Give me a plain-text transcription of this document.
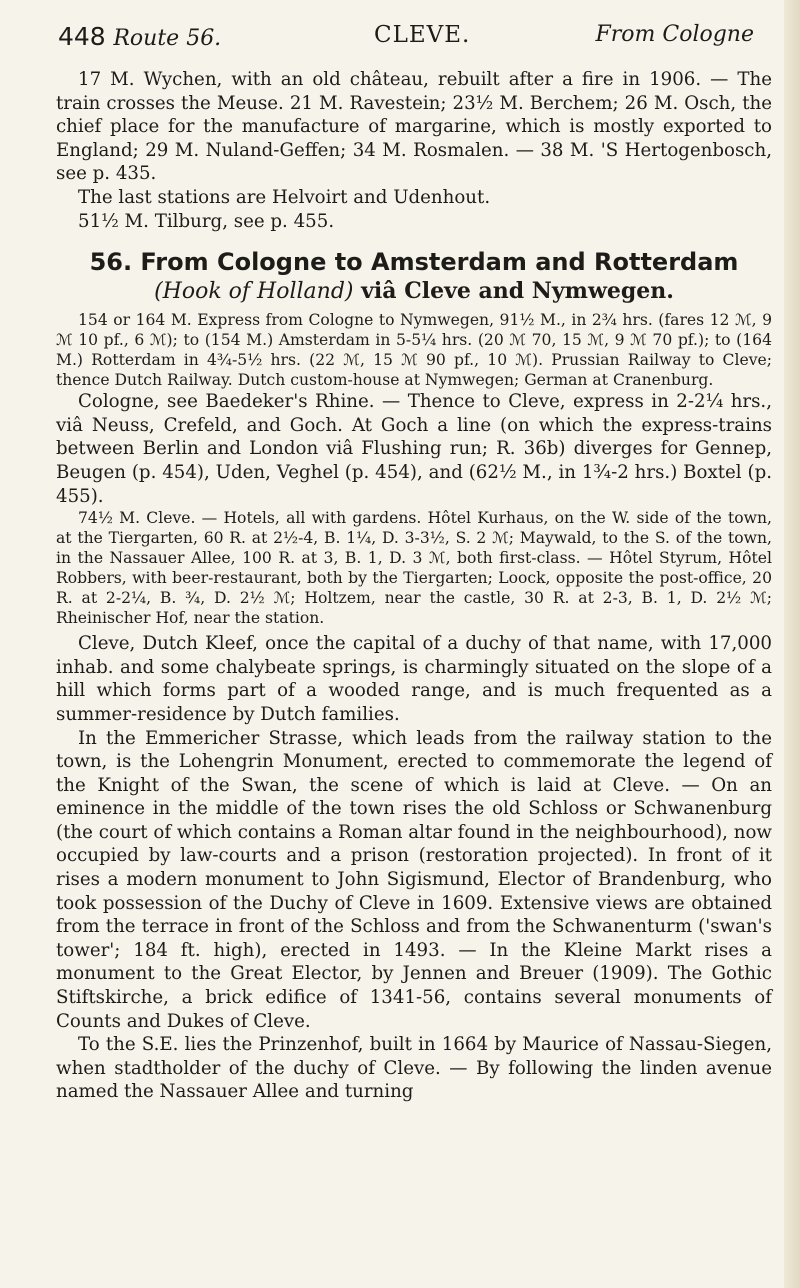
448 Route 56.	CLEVE.	From Cologne

17 M. Wychen, with an old château, rebuilt after a fire in 1906. — The train crosses the Meuse. 21 M. Ravestein; 23½ M. Berchem; 26 M. Osch, the chief place for the manufacture of margarine, which is mostly exported to England; 29 M. Nuland-Geffen; 34 M. Rosmalen. — 38 M. 'S Hertogenbosch, see p. 435.

The last stations are Helvoirt and Udenhout.

51½ M. Tilburg, see p. 455.

56. From Cologne to Amsterdam and Rotterdam
(Hook of Holland) viâ Cleve and Nymwegen.

154 or 164 M. Express from Cologne to Nymwegen, 91½ M., in 2¾ hrs. (fares 12 ℳ, 9 ℳ 10 pf., 6 ℳ); to (154 M.) Amsterdam in 5-5¼ hrs. (20 ℳ 70, 15 ℳ, 9 ℳ 70 pf.); to (164 M.) Rotterdam in 4¾-5½ hrs. (22 ℳ, 15 ℳ 90 pf., 10 ℳ). Prussian Railway to Cleve; thence Dutch Railway. Dutch custom-house at Nymwegen; German at Cranenburg.

Cologne, see Baedeker's Rhine. — Thence to Cleve, express in 2-2¼ hrs., viâ Neuss, Crefeld, and Goch. At Goch a line (on which the express-trains between Berlin and London viâ Flushing run; R. 36b) diverges for Gennep, Beugen (p. 454), Uden, Veghel (p. 454), and (62½ M., in 1¾-2 hrs.) Boxtel (p. 455).

74½ M. Cleve. — Hotels, all with gardens. Hôtel Kurhaus, on the W. side of the town, at the Tiergarten, 60 R. at 2½-4, B. 1¼, D. 3-3½, S. 2 ℳ; Maywald, to the S. of the town, in the Nassauer Allee, 100 R. at 3, B. 1, D. 3 ℳ, both first-class. — Hôtel Styrum, Hôtel Robbers, with beer-restaurant, both by the Tiergarten; Loock, opposite the post-office, 20 R. at 2-2¼, B. ¾, D. 2½ ℳ; Holtzem, near the castle, 30 R. at 2-3, B. 1, D. 2½ ℳ; Rheinischer Hof, near the station.

Cleve, Dutch Kleef, once the capital of a duchy of that name, with 17,000 inhab. and some chalybeate springs, is charmingly situated on the slope of a hill which forms part of a wooded range, and is much frequented as a summer-residence by Dutch families.

In the Emmericher Strasse, which leads from the railway station to the town, is the Lohengrin Monument, erected to commemorate the legend of the Knight of the Swan, the scene of which is laid at Cleve. — On an eminence in the middle of the town rises the old Schloss or Schwanenburg (the court of which contains a Roman altar found in the neighbourhood), now occupied by law-courts and a prison (restoration projected). In front of it rises a modern monument to John Sigismund, Elector of Brandenburg, who took possession of the Duchy of Cleve in 1609. Extensive views are obtained from the terrace in front of the Schloss and from the Schwanenturm ('swan's tower'; 184 ft. high), erected in 1493. — In the Kleine Markt rises a monument to the Great Elector, by Jennen and Breuer (1909). The Gothic Stiftskirche, a brick edifice of 1341-56, contains several monuments of Counts and Dukes of Cleve.

To the S.E. lies the Prinzenhof, built in 1664 by Maurice of Nassau-Siegen, when stadtholder of the duchy of Cleve. — By following the linden avenue named the Nassauer Allee and turning
